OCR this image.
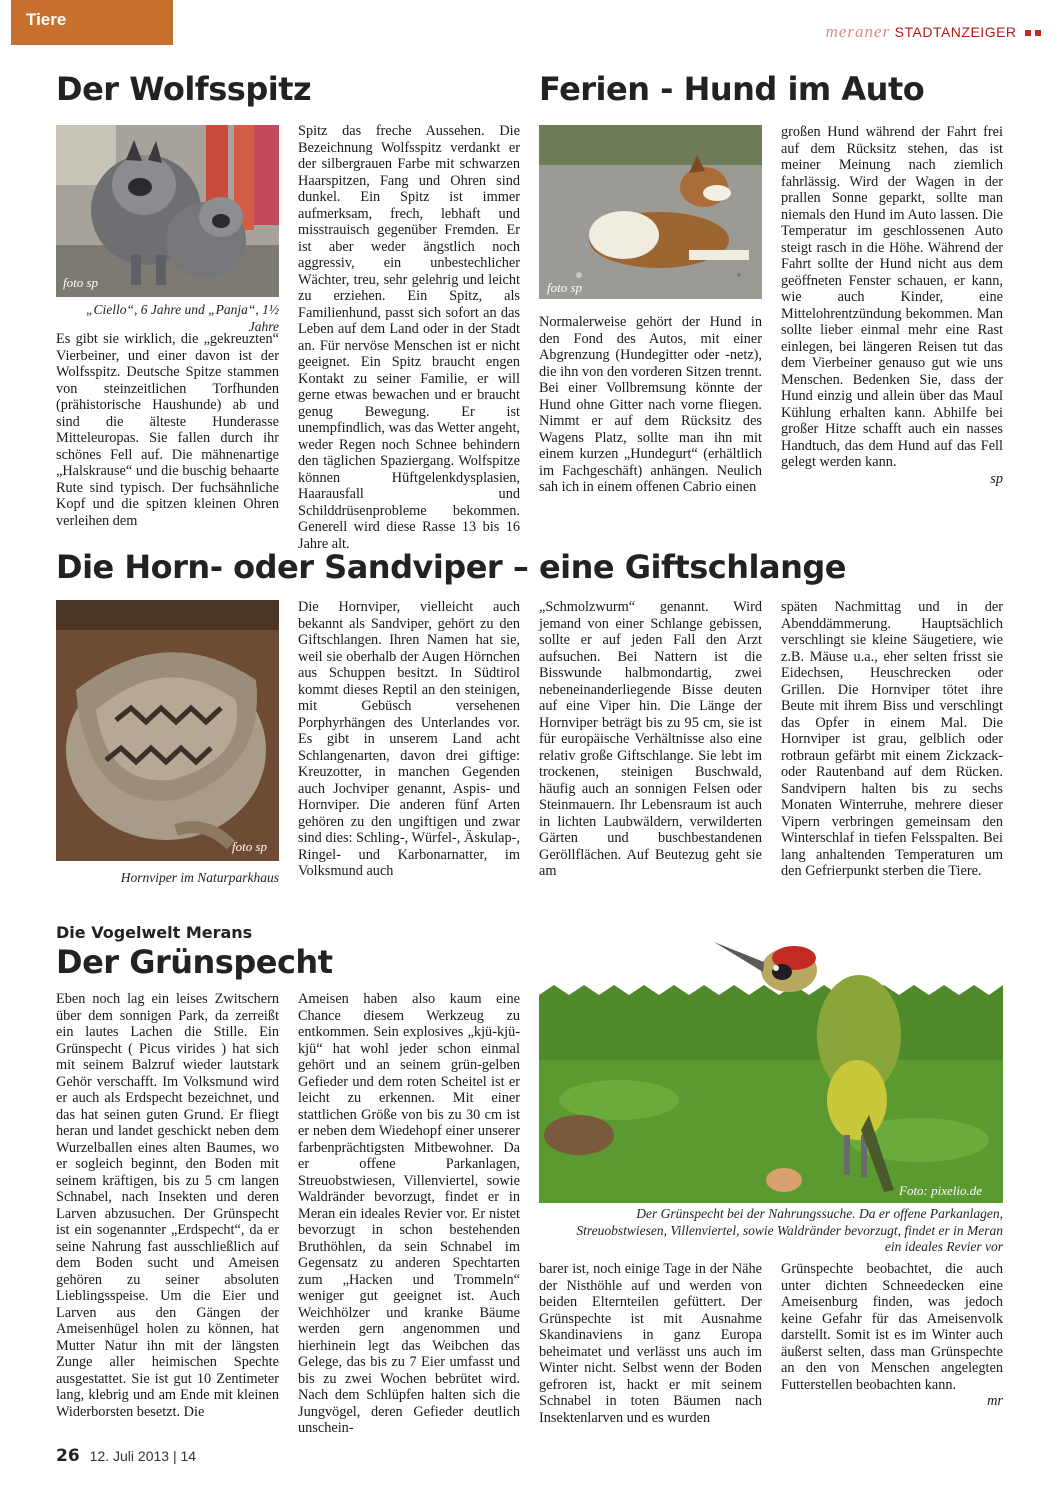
Tiere
meraner STADTANZEIGER
Der Wolfsspitz
foto sp
„Ciello“, 6 Jahre und „Panja“, 1½ Jahre

Es gibt sie wirklich, die „gekreuzten“ Vierbeiner, und einer davon ist der Wolfsspitz. Deutsche Spitze stammen von steinzeitlichen Torfhunden (prähistorische Haushunde) ab und sind die älteste Hunderasse Mitteleuropas. Sie fallen durch ihr schönes Fell auf. Die mähnenartige „Halskrause“ und die buschig behaarte Rute sind typisch. Der fuchsähnliche Kopf und die spitzen kleinen Ohren verleihen dem

Spitz das freche Aussehen. Die Bezeichnung Wolfsspitz verdankt er der silbergrauen Farbe mit schwarzen Haarspitzen, Fang und Ohren sind dunkel. Ein Spitz ist immer aufmerksam, frech, lebhaft und misstrauisch gegenüber Fremden. Er ist aber weder ängstlich noch aggressiv, ein unbestechlicher Wächter, treu, sehr gelehrig und leicht zu erziehen. Ein Spitz, als Familienhund, passt sich sofort an das Leben auf dem Land oder in der Stadt an. Für nervöse Menschen ist er nicht geeignet. Ein Spitz braucht engen Kontakt zu seiner Familie, er will gerne etwas bewachen und er braucht genug Bewegung. Er ist unempfindlich, was das Wetter angeht, weder Regen noch Schnee behindern den täglichen Spaziergang. Wolfspitze können Hüftgelenkdysplasien, Haarausfall und Schilddrüsenprobleme bekommen. Generell wird diese Rasse 13 bis 16 Jahre alt.

Ferien - Hund im Auto
foto sp

Normalerweise gehört der Hund in den Fond des Autos, mit einer Abgrenzung (Hundegitter oder -netz), die ihn von den vorderen Sitzen trennt. Bei einer Vollbremsung könnte der Hund ohne Gitter nach vorne fliegen. Nimmt er auf dem Rücksitz des Wagens Platz, sollte man ihn mit einem kurzen „Hundegurt“ (erhältlich im Fachgeschäft) anhängen. Neulich sah ich in einem offenen Cabrio einen

großen Hund während der Fahrt frei auf dem Rücksitz stehen, das ist meiner Meinung nach ziemlich fahrlässig. Wird der Wagen in der prallen Sonne geparkt, sollte man niemals den Hund im Auto lassen. Die Temperatur im geschlossenen Auto steigt rasch in die Höhe. Während der Fahrt sollte der Hund nicht aus dem geöffneten Fenster schauen, er kann, wie auch Kinder, eine Mittelohrentzündung bekommen. Man sollte lieber einmal mehr eine Rast einlegen, bei längeren Reisen tut das dem Vierbeiner genauso gut wie uns Menschen. Bedenken Sie, dass der Hund einzig und allein über das Maul Kühlung erhalten kann. Abhilfe bei großer Hitze schafft auch ein nasses Handtuch, das dem Hund auf das Fell gelegt werden kann.

sp

Die Horn- oder Sandviper – eine Giftschlange
foto sp
Hornviper im Naturparkhaus

Die Hornviper, vielleicht auch bekannt als Sandviper, gehört zu den Giftschlangen. Ihren Namen hat sie, weil sie oberhalb der Augen Hörnchen aus Schuppen besitzt. In Südtirol kommt dieses Reptil an den steinigen, mit Gebüsch versehenen Porphyrhängen des Unterlandes vor. Es gibt in unserem Land acht Schlangenarten, davon drei giftige: Kreuzotter, in manchen Gegenden auch Jochviper genannt, Aspis- und Hornviper. Die anderen fünf Arten gehören zu den ungiftigen und zwar sind dies: Schling-, Würfel-, Äskulap-, Ringel- und Karbonarnatter, im Volksmund auch

„Schmolzwurm“ genannt. Wird jemand von einer Schlange gebissen, sollte er auf jeden Fall den Arzt aufsuchen. Bei Nattern ist die Bisswunde halbmondartig, zwei nebeneinanderliegende Bisse deuten auf eine Viper hin. Die Länge der Hornviper beträgt bis zu 95 cm, sie ist für europäische Verhältnisse also eine relativ große Giftschlange. Sie lebt im trockenen, steinigen Buschwald, häufig auch an sonnigen Felsen oder Steinmauern. Ihr Lebensraum ist auch in lichten Laubwäldern, verwilderten Gärten und buschbestandenen Geröllflächen. Auf Beutezug geht sie am

späten Nachmittag und in der Abenddämmerung. Hauptsächlich verschlingt sie kleine Säugetiere, wie z.B. Mäuse u.a., eher selten frisst sie Eidechsen, Heuschrecken oder Grillen. Die Hornviper tötet ihre Beute mit ihrem Biss und verschlingt das Opfer in einem Mal. Die Hornviper ist grau, gelblich oder rotbraun gefärbt mit einem Zickzack- oder Rautenband auf dem Rücken. Sandvipern halten bis zu sechs Monaten Winterruhe, mehrere dieser Vipern verbringen gemeinsam den Winterschlaf in tiefen Felsspalten. Bei lang anhaltenden Temperaturen um den Gefrierpunkt sterben die Tiere.

Die Vogelwelt Merans
Der Grünspecht

Eben noch lag ein leises Zwitschern über dem sonnigen Park, da zerreißt ein lautes Lachen die Stille. Ein Grünspecht ( Picus virides ) hat sich mit seinem Balzruf wieder lautstark Gehör verschafft. Im Volksmund wird er auch als Erdspecht bezeichnet, und das hat seinen guten Grund. Er fliegt heran und landet geschickt neben dem Wurzelballen eines alten Baumes, wo er sogleich beginnt, den Boden mit seinem kräftigen, bis zu 5 cm langen Schnabel, nach Insekten und deren Larven abzusuchen. Der Grünspecht ist ein sogenannter „Erdspecht“, da er seine Nahrung fast ausschließlich auf dem Boden sucht und Ameisen gehören zu seiner absoluten Lieblingsspeise. Um die Eier und Larven aus den Gängen der Ameisenhügel holen zu können, hat Mutter Natur ihn mit der längsten Zunge aller heimischen Spechte ausgestattet. Sie ist gut 10 Zentimeter lang, klebrig und am Ende mit kleinen Widerborsten besetzt. Die

Ameisen haben also kaum eine Chance diesem Werkzeug zu entkommen. Sein explosives „kjü-kjü-kjü“ hat wohl jeder schon einmal gehört und an seinem grün-gelben Gefieder und dem roten Scheitel ist er leicht zu erkennen. Mit einer stattlichen Größe von bis zu 30 cm ist er neben dem Wiedehopf einer unserer farbenprächtigsten Mitbewohner. Da er offene Parkanlagen, Streuobstwiesen, Villenviertel, sowie Waldränder bevorzugt, findet er in Meran ein ideales Revier vor. Er nistet bevorzugt in schon bestehenden Bruthöhlen, da sein Schnabel im Gegensatz zu anderen Spechtarten zum „Hacken und Trommeln“ weniger gut geeignet ist. Auch Weichhölzer und kranke Bäume werden gern angenommen und hierhinein legt das Weibchen das Gelege, das bis zu 7 Eier umfasst und bis zu zwei Wochen bebrütet wird. Nach dem Schlüpfen halten sich die Jungvögel, deren Gefieder deutlich unschein-

Foto: pixelio.de
Der Grünspecht bei der Nahrungssuche. Da er offene Parkanlagen, Streuobstwiesen, Villenviertel, sowie Waldränder bevorzugt, findet er in Meran ein ideales Revier vor

barer ist, noch einige Tage in der Nähe der Nisthöhle auf und werden von beiden Elternteilen gefüttert. Der Grünspechte ist mit Ausnahme Skandinaviens in ganz Europa beheimatet und verlässt uns auch im Winter nicht. Selbst wenn der Boden gefroren ist, hackt er mit seinem Schnabel in toten Bäumen nach Insektenlarven und es wurden

Grünspechte beobachtet, die auch unter dichten Schneedecken eine Ameisenburg finden, was jedoch keine Gefahr für das Ameisenvolk darstellt. Somit ist es im Winter auch äußerst selten, dass man Grünspechte an den von Menschen angelegten Futterstellen beobachten kann.

mr

26 12. Juli 2013 | 14
